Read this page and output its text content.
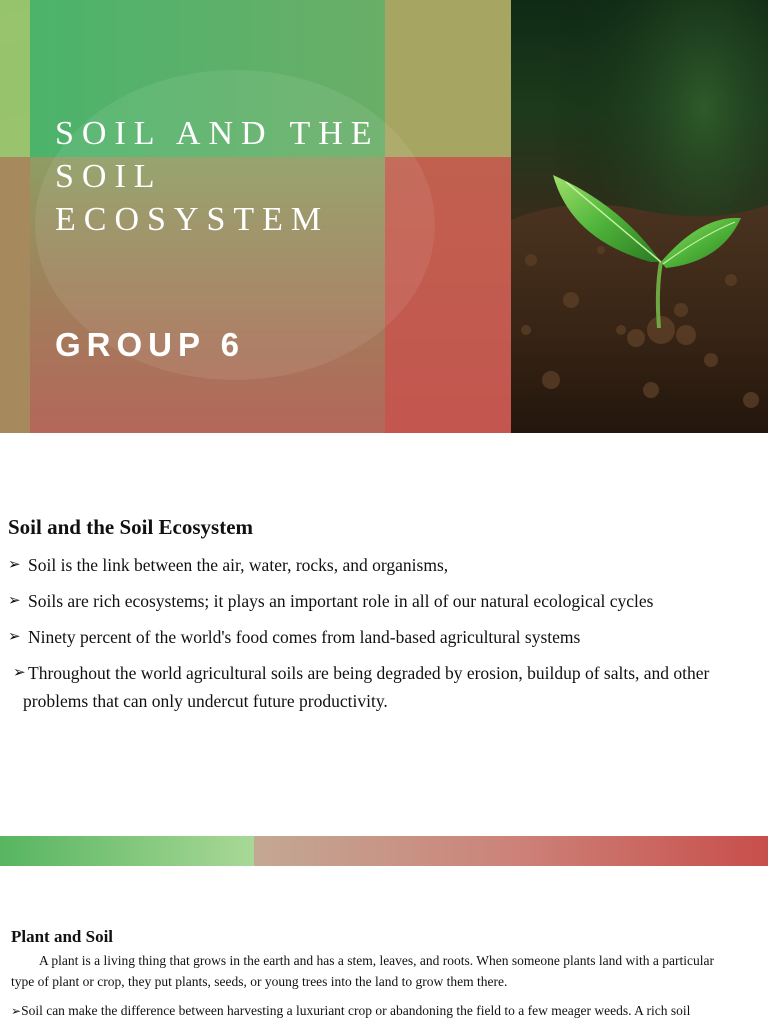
SOIL AND THE
SOIL
ECOSYSTEM
GROUP 6
Soil and the Soil Ecosystem
➢ Soil is the link between the air, water, rocks, and organisms,
➢ Soils are rich ecosystems; it plays an important role in all of our natural ecological cycles
➢ Ninety percent of the world's food comes from land-based agricultural systems
➢ Throughout the world agricultural soils are being degraded by erosion, buildup of salts, and other problems that can only undercut future productivity.
Plant and Soil

A plant is a living thing that grows in the earth and has a stem, leaves, and roots. When someone plants land with a particular type of plant or crop, they put plants, seeds, or young trees into the land to grow them there.

➢Soil can make the difference between harvesting a luxuriant crop or abandoning the field to a few meager weeds. A rich soil
